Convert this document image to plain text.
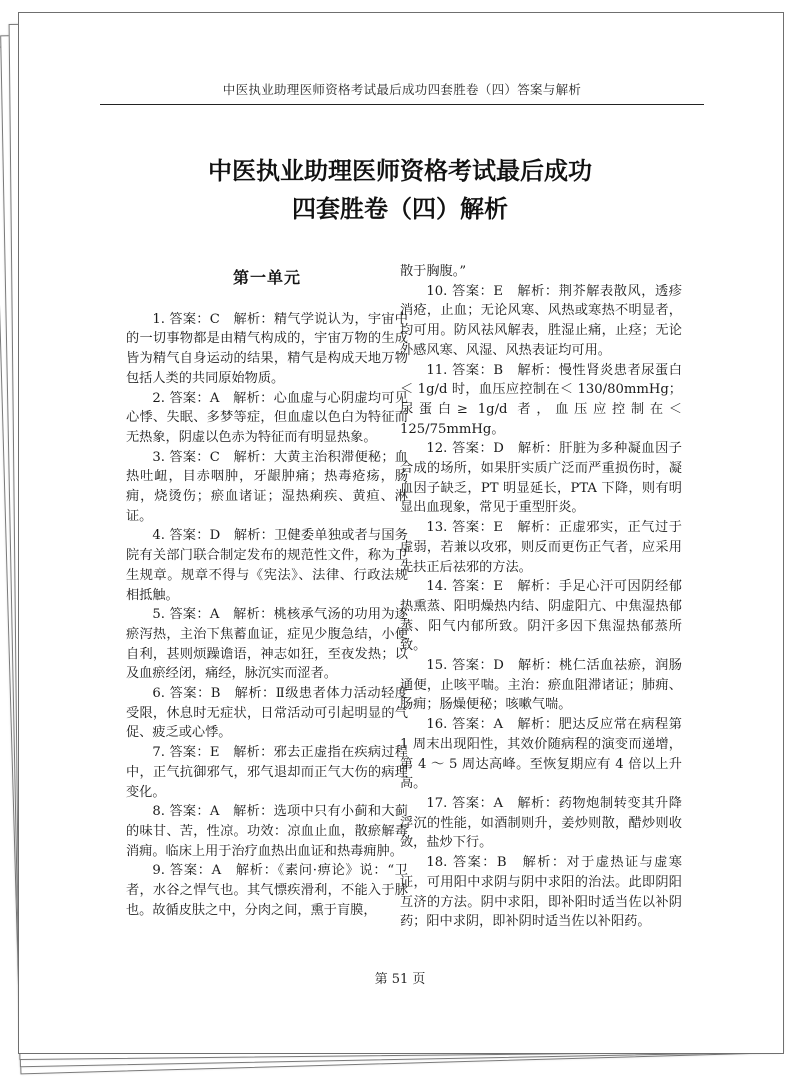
中医执业助理医师资格考试最后成功四套胜卷（四）答案与解析
中医执业助理医师资格考试最后成功
四套胜卷（四）解析
第一单元

1. 答案：C　解析：精气学说认为，宇宙中的一切事物都是由精气构成的，宇宙万物的生成皆为精气自身运动的结果，精气是构成天地万物包括人类的共同原始物质。

2. 答案：A　解析：心血虚与心阴虚均可见心悸、失眠、多梦等症，但血虚以色白为特征而无热象，阴虚以色赤为特征而有明显热象。

3. 答案：C　解析：大黄主治积滞便秘；血热吐衄，目赤咽肿，牙龈肿痛；热毒疮疡，肠痈，烧烫伤；瘀血诸证；湿热痢疾、黄疸、淋证。

4. 答案：D　解析：卫健委单独或者与国务院有关部门联合制定发布的规范性文件，称为卫生规章。规章不得与《宪法》、法律、行政法规相抵触。

5. 答案：A　解析：桃核承气汤的功用为逐瘀泻热，主治下焦蓄血证，症见少腹急结，小便自利，甚则烦躁谵语，神志如狂，至夜发热；以及血瘀经闭，痛经，脉沉实而涩者。

6. 答案：B　解析：Ⅱ级患者体力活动轻度受限，休息时无症状，日常活动可引起明显的气促、疲乏或心悸。

7. 答案：E　解析：邪去正虚指在疾病过程中，正气抗御邪气，邪气退却而正气大伤的病理变化。

8. 答案：A　解析：选项中只有小蓟和大蓟的味甘、苦，性凉。功效：凉血止血，散瘀解毒消痈。临床上用于治疗血热出血证和热毒痈肿。

9. 答案：A　解析：《素问·痹论》说：“卫者，水谷之悍气也。其气慓疾滑利，不能入于脉也。故循皮肤之中，分肉之间，熏于肓膜，

散于胸腹。”

10. 答案：E　解析：荆芥解表散风，透疹消疮，止血；无论风寒、风热或寒热不明显者，均可用。防风祛风解表，胜湿止痛，止痉；无论外感风寒、风湿、风热表证均可用。

11. 答案：B　解析：慢性肾炎患者尿蛋白＜ 1g/d 时，血压应控制在＜ 130/80mmHg；尿蛋白≥ 1g/d 者，血压应控制在＜ 125/75mmHg。

12. 答案：D　解析：肝脏为多种凝血因子合成的场所，如果肝实质广泛而严重损伤时，凝血因子缺乏，PT 明显延长，PTA 下降，则有明显出血现象，常见于重型肝炎。

13. 答案：E　解析：正虚邪实，正气过于虚弱，若兼以攻邪，则反而更伤正气者，应采用先扶正后祛邪的方法。

14. 答案：E　解析：手足心汗可因阴经郁热熏蒸、阳明燥热内结、阴虚阳亢、中焦湿热郁蒸、阳气内郁所致。阴汗多因下焦湿热郁蒸所致。

15. 答案：D　解析：桃仁活血祛瘀，润肠通便，止咳平喘。主治：瘀血阻滞诸证；肺痈、肠痈；肠燥便秘；咳嗽气喘。

16. 答案：A　解析：肥达反应常在病程第 1 周末出现阳性，其效价随病程的演变而递增，第 4 ～ 5 周达高峰。至恢复期应有 4 倍以上升高。

17. 答案：A　解析：药物炮制转变其升降浮沉的性能，如酒制则升，姜炒则散，醋炒则收敛，盐炒下行。

18. 答案：B　解析：对于虚热证与虚寒证，可用阳中求阴与阴中求阳的治法。此即阴阳互济的方法。阴中求阳，即补阳时适当佐以补阴药；阳中求阴，即补阴时适当佐以补阳药。

第 51 页
